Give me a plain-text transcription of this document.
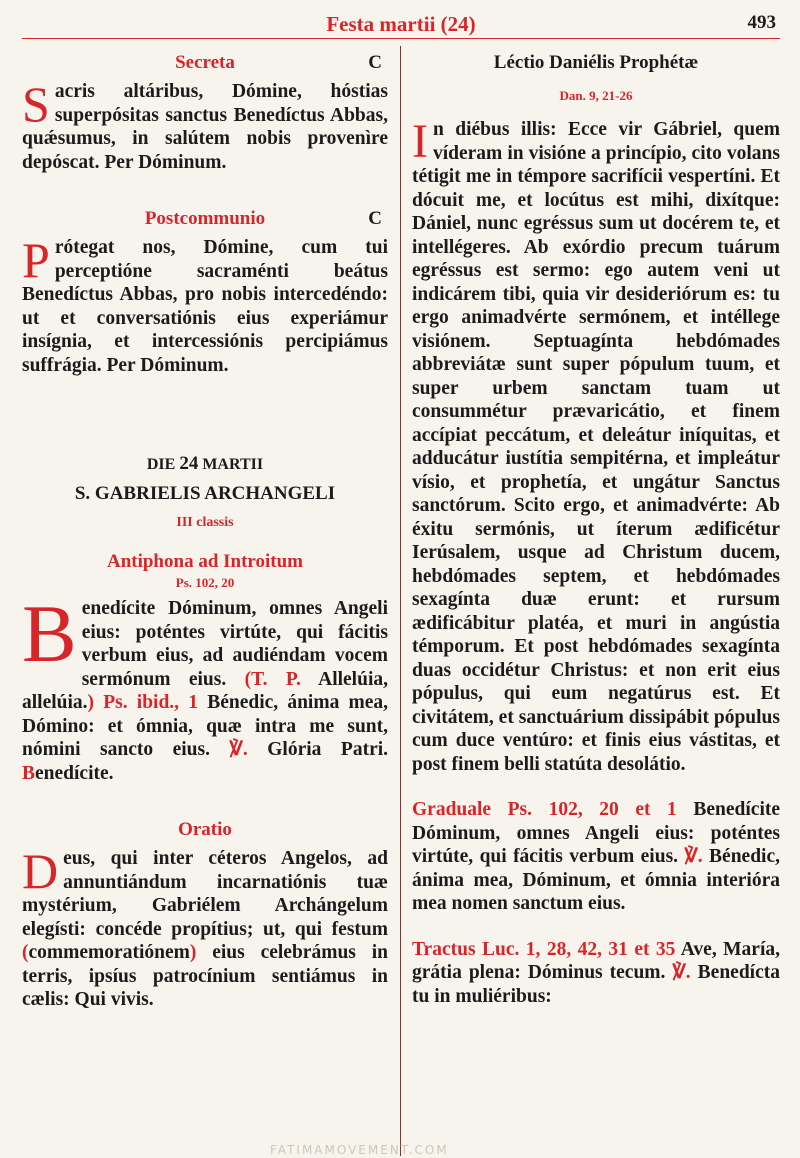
Festa martii (24)	493

Secreta	C

Sacris altáribus, Dómine, hóstias superpósitas sanctus Benedíctus Abbas, quǽsumus, in salútem nobis provenìre depóscat. Per Dóminum.

Postcommunio	C

Prótegat nos, Dómine, cum tui perceptióne sacraménti beátus Benedíctus Abbas, pro nobis intercedéndo: ut et conversatiónis eius experiámur insígnia, et intercessiónis percipiámus suffrágia. Per Dóminum.

DIE 24 MARTII

S. GABRIELIS ARCHANGELI

III classis

Antiphona ad Introitum

Ps. 102, 20

Benedícite Dóminum, omnes Angeli eius: poténtes virtúte, qui fácitis verbum eius, ad audiéndam vocem sermónum eius. (T. P. Allelúia, allelúia.) Ps. ibid., 1 Bénedic, ánima mea, Dómino: et ómnia, quæ intra me sunt, nómini sancto eius. ℣. Glória Patri. Benedícite.

Oratio

Deus, qui inter céteros Angelos, ad annuntiándum incarnatiónis tuæ mystérium, Gabriélem Archángelum elegísti: concéde propítius; ut, qui festum (commemoratiónem) eius celebrámus in terris, ipsíus patrocínium sentiámus in cælis: Qui vivis.

Léctio Daniélis Prophétæ

Dan. 9, 21-26

In diébus illis: Ecce vir Gábriel, quem víderam in visióne a princípio, cito volans tétigit me in témpore sacrifícii vespertíni. Et dócuit me, et locútus est mihi, dixítque: Dániel, nunc egréssus sum ut docérem te, et intellégeres. Ab exórdio precum tuárum egréssus est sermo: ego autem veni ut indicárem tibi, quia vir desideriórum es: tu ergo animadvérte sermónem, et intéllege visiónem. Septuagínta hebdómades abbreviátæ sunt super pópulum tuum, et super urbem sanctam tuam ut consummétur prævaricátio, et finem accípiat peccátum, et deleátur iníquitas, et adducátur iustítia sempitérna, et impleátur vísio, et prophetía, et ungátur Sanctus sanctórum. Scito ergo, et animadvérte: Ab éxitu sermónis, ut íterum ædificétur Ierúsalem, usque ad Christum ducem, hebdómades septem, et hebdómades sexagínta duæ erunt: et rursum ædificábitur platéa, et muri in angústia témporum. Et post hebdómades sexagínta duas occidétur Christus: et non erit eius pópulus, qui eum negatúrus est. Et civitátem, et sanctuárium dissipábit pópulus cum duce ventúro: et finis eius vástitas, et post finem belli statúta desolátio.

Graduale Ps. 102, 20 et 1 Benedícite Dóminum, omnes Angeli eius: poténtes virtúte, qui fácitis verbum eius. ℣. Bénedic, ánima mea, Dóminum, et ómnia interióra mea nomen sanctum eius.

Tractus Luc. 1, 28, 42, 31 et 35 Ave, María, grátia plena: Dóminus tecum. ℣. Benedícta tu in muliéribus:

FATIMAMOVEMENT.COM
